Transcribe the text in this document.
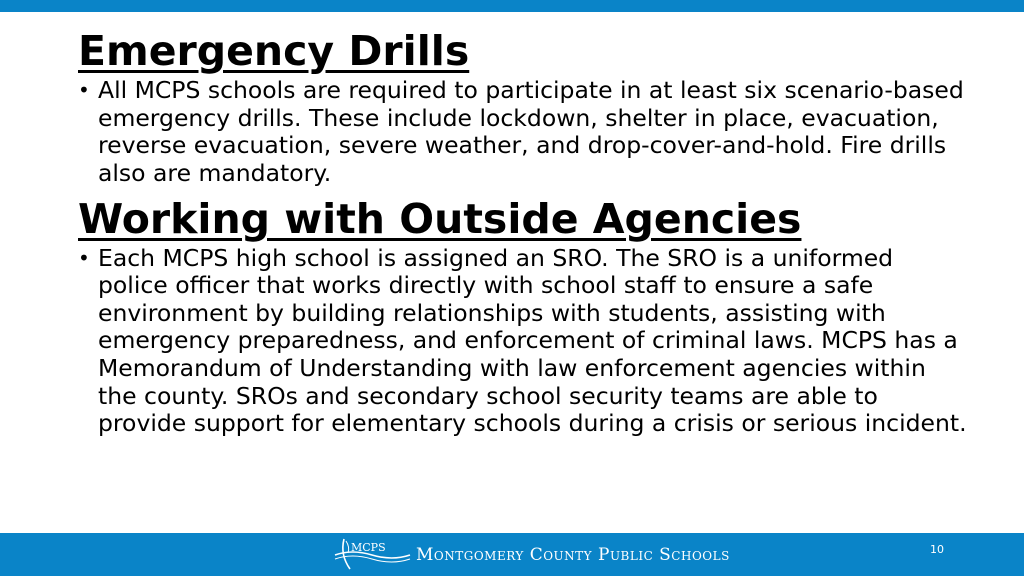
Emergency Drills
• All MCPS schools are required to participate in at least six scenario-based emergency drills. These include lockdown, shelter in place, evacuation, reverse evacuation, severe weather, and drop-cover-and-hold. Fire drills also are mandatory.
Working with Outside Agencies
• Each MCPS high school is assigned an SRO. The SRO is a uniformed police officer that works directly with school staff to ensure a safe environment by building relationships with students, assisting with emergency preparedness, and enforcement of criminal laws. MCPS has a Memorandum of Understanding with law enforcement agencies within the county. SROs and secondary school security teams are able to provide support for elementary schools during a crisis or serious incident.
MCPS Montgomery County Public Schools	10
